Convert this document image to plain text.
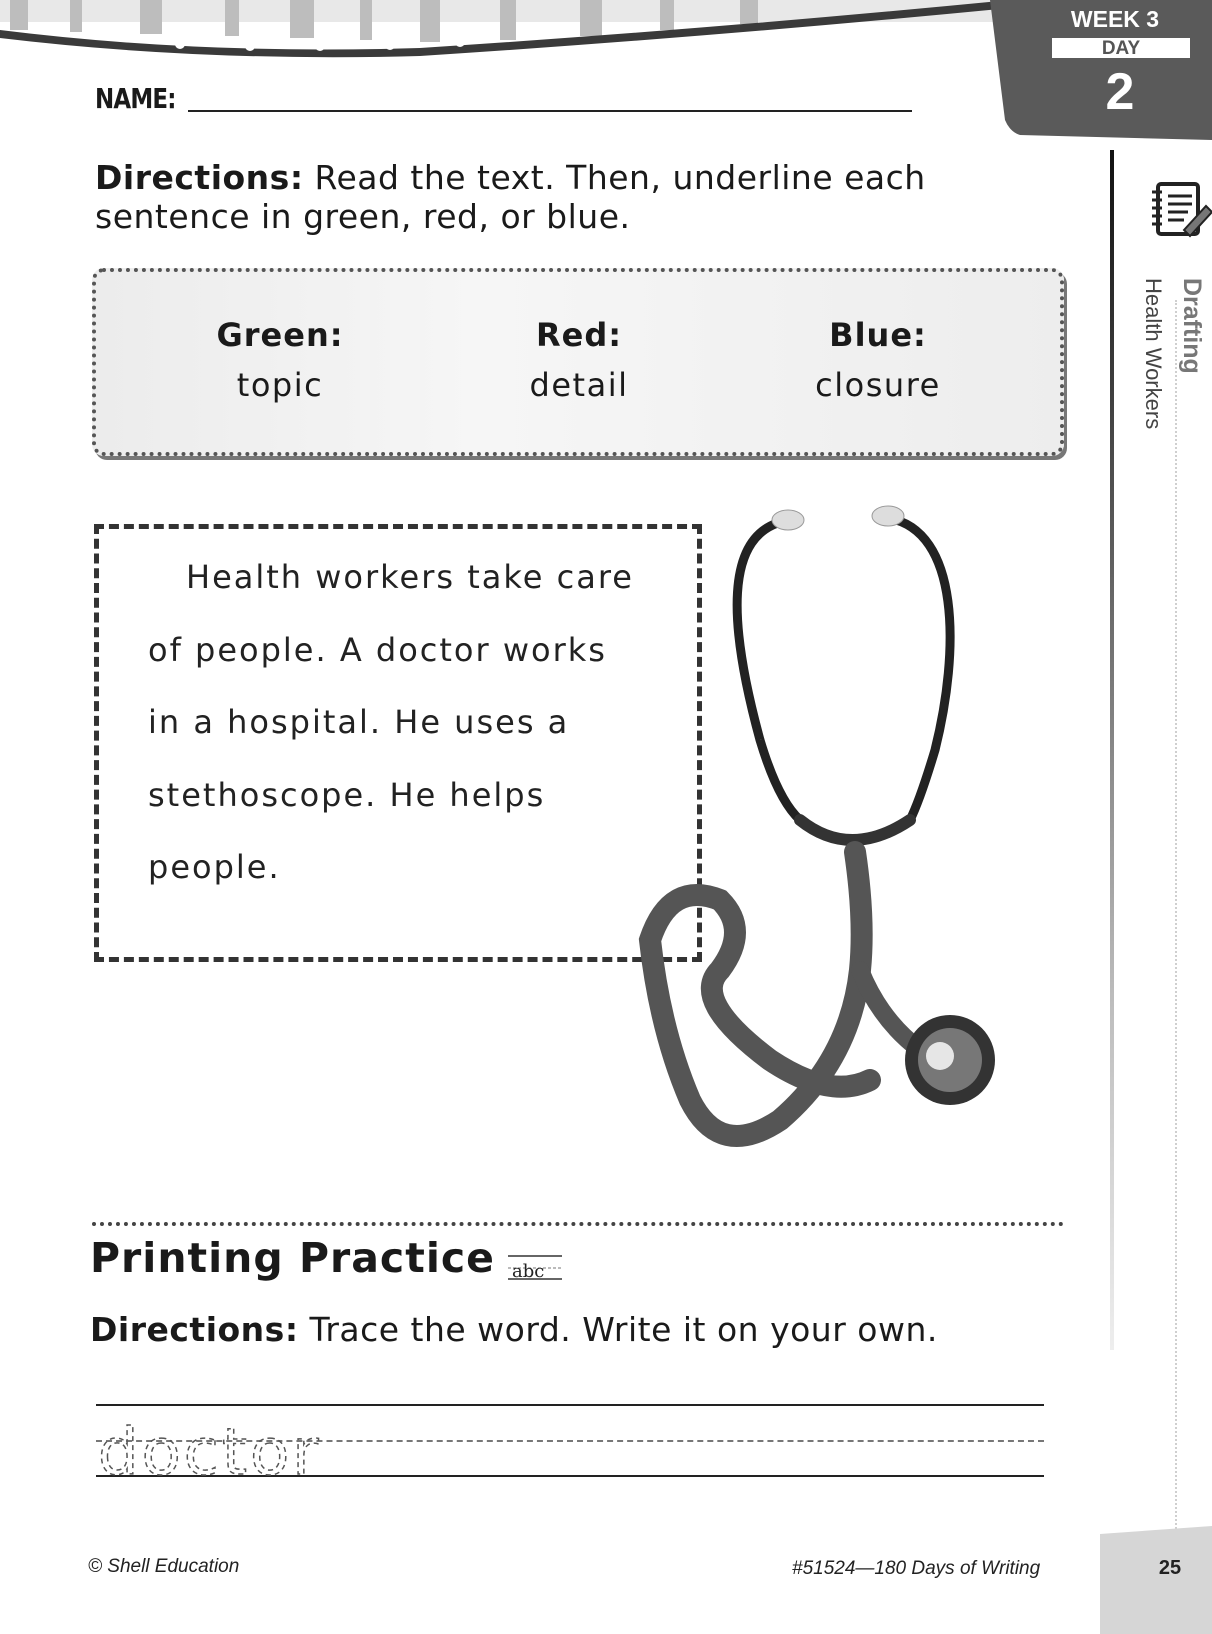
WEEK 3
DAY
2
Drafting
Health Workers
NAME:
Directions: Read the text. Then, underline each sentence in green, red, or blue.
Green:
topic
Red:
detail
Blue:
closure
Health workers take care
of people. A doctor works
in a hospital. He uses a
stethoscope. He helps
people.
Printing Practice abc
Directions: Trace the word. Write it on your own.
doctor
© Shell Education	#51524—180 Days of Writing	25
